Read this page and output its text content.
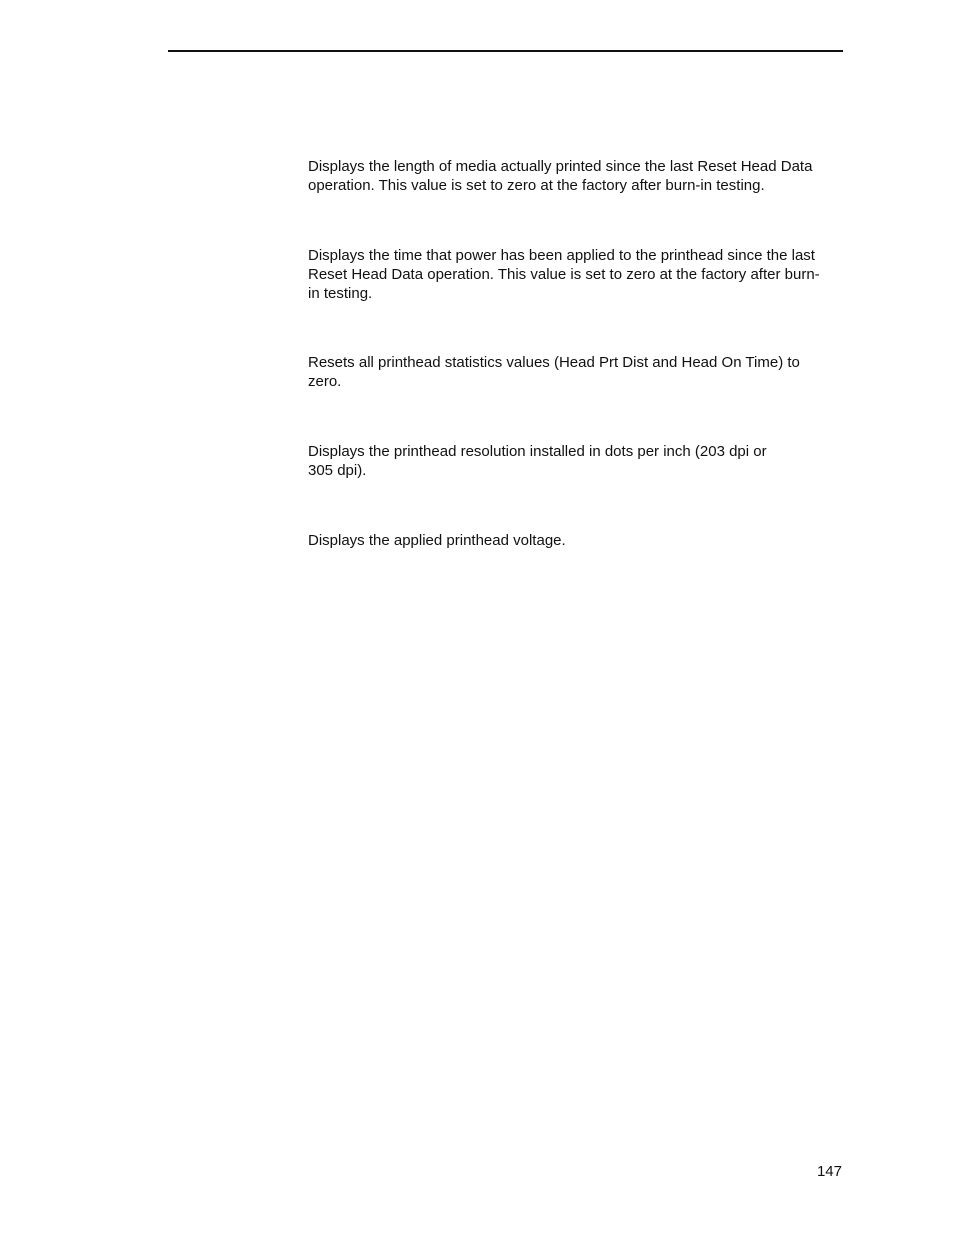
Displays the length of media actually printed since the last Reset Head Data
operation. This value is set to zero at the factory after burn-in testing.

Displays the time that power has been applied to the printhead since the last
Reset Head Data operation. This value is set to zero at the factory after burn-
in testing.

Resets all printhead statistics values (Head Prt Dist and Head On Time) to
zero.

Displays the printhead resolution installed in dots per inch (203 dpi or
305 dpi).

Displays the applied printhead voltage.

147
